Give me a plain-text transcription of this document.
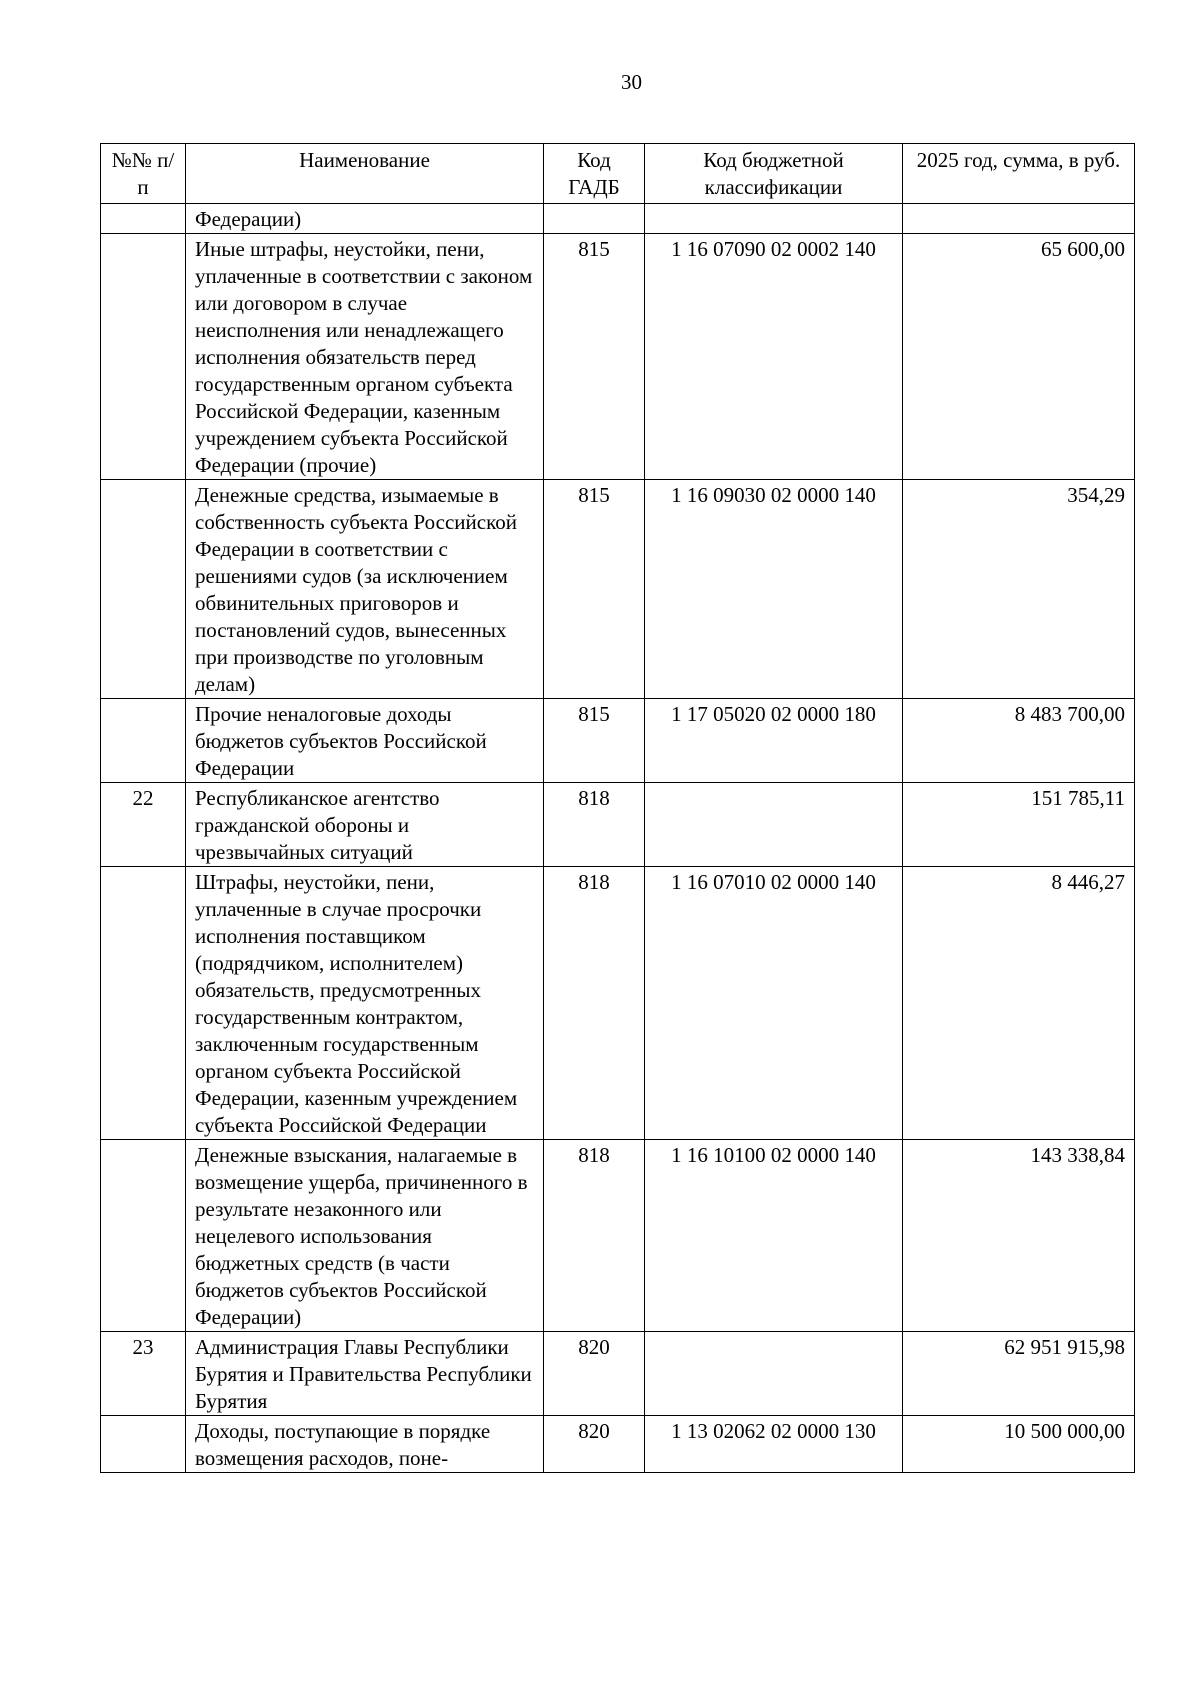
30
№№ п/п	Наименование	Код ГАДБ	Код бюджетной классификации	2025 год, сумма, в руб.
	Федерации)			
	Иные штрафы, неустойки, пени, уплаченные в соответствии с законом или договором в случае неисполнения или ненадлежащего исполнения обязательств перед государственным органом субъекта Российской Федерации, казенным учреждением субъекта Российской Федерации (прочие)	815	1 16 07090 02 0002 140	65 600,00
	Денежные средства, изымаемые в собственность субъекта Российской Федерации в соответствии с решениями судов (за исключением обвинительных приговоров и постановлений судов, вынесенных при производстве по уголовным делам)	815	1 16 09030 02 0000 140	354,29
	Прочие неналоговые доходы бюджетов субъектов Российской Федерации	815	1 17 05020 02 0000 180	8 483 700,00
22	Республиканское агентство гражданской обороны и чрезвычайных ситуаций	818		151 785,11
	Штрафы, неустойки, пени, уплаченные в случае просрочки исполнения поставщиком (подрядчиком, исполнителем) обязательств, предусмотренных государственным контрактом, заключенным государственным органом субъекта Российской Федерации, казенным учреждением субъекта Российской Федерации	818	1 16 07010 02 0000 140	8 446,27
	Денежные взыскания, налагаемые в возмещение ущерба, причиненного в результате незаконного или нецелевого использования бюджетных средств (в части бюджетов субъектов Российской Федерации)	818	1 16 10100 02 0000 140	143 338,84
23	Администрация Главы Республики Бурятия и Правительства Республики Бурятия	820		62 951 915,98
	Доходы, поступающие в порядке возмещения расходов, поне-	820	1 13 02062 02 0000 130	10 500 000,00
